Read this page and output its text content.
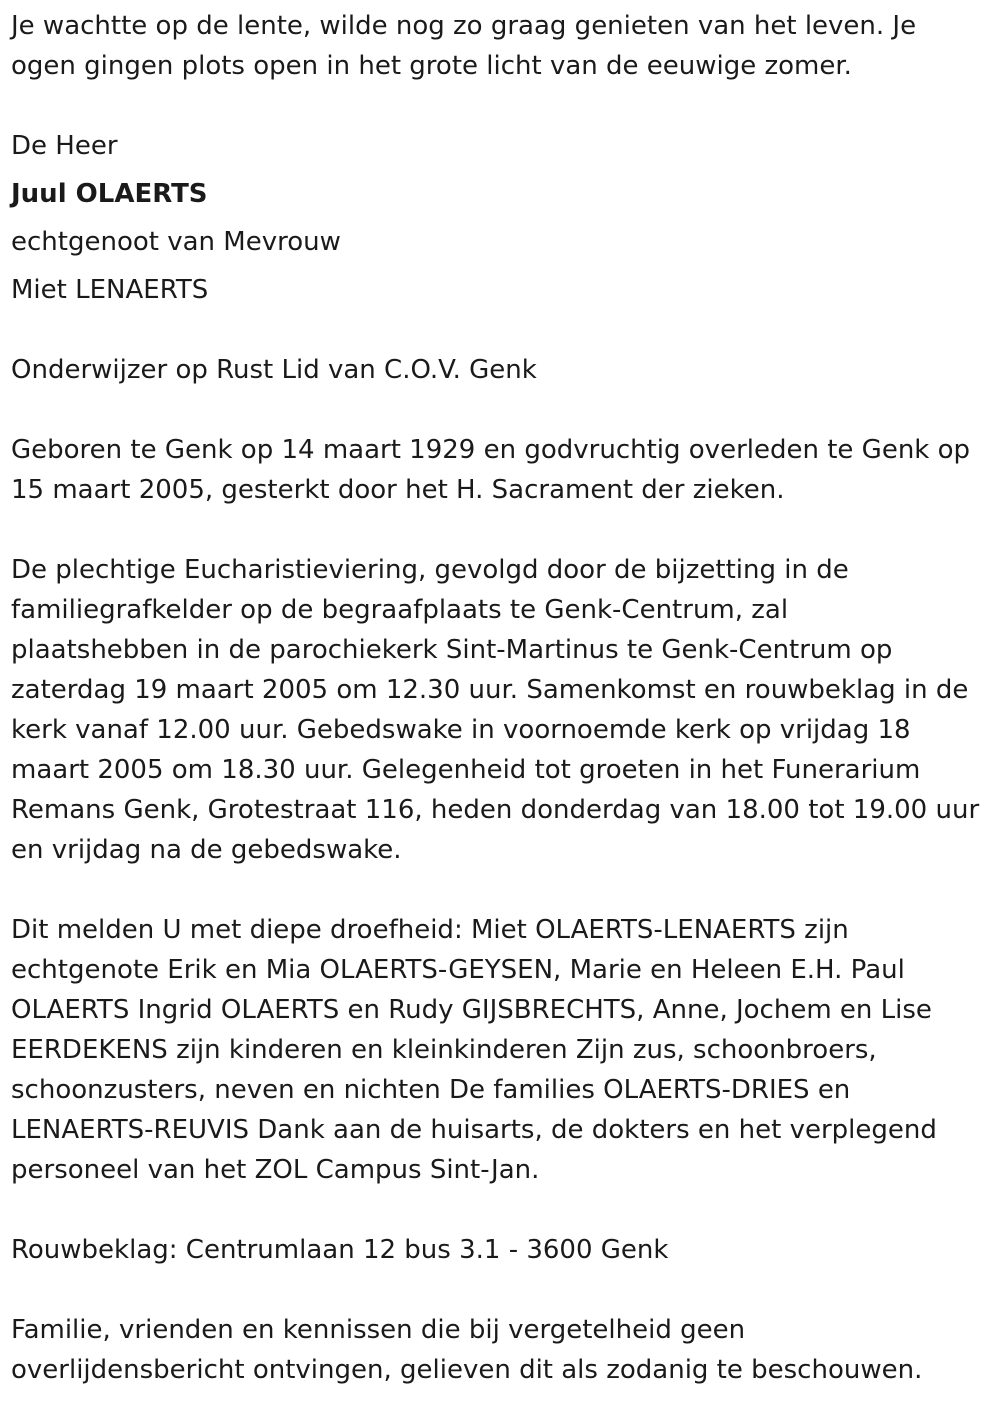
Je wachtte op de lente, wilde nog zo graag genieten van het leven. Je

ogen gingen plots open in het grote licht van de eeuwige zomer.

De Heer

Juul OLAERTS

echtgenoot van Mevrouw

Miet LENAERTS

Onderwijzer op Rust Lid van C.O.V. Genk

Geboren te Genk op 14 maart 1929 en godvruchtig overleden te Genk op

15 maart 2005, gesterkt door het H. Sacrament der zieken.

De plechtige Eucharistieviering, gevolgd door de bijzetting in de

familiegrafkelder op de begraafplaats te Genk-Centrum, zal

plaatshebben in de parochiekerk Sint-Martinus te Genk-Centrum op

zaterdag 19 maart 2005 om 12.30 uur. Samenkomst en rouwbeklag in de

kerk vanaf 12.00 uur. Gebedswake in voornoemde kerk op vrijdag 18

maart 2005 om 18.30 uur. Gelegenheid tot groeten in het Funerarium

Remans Genk, Grotestraat 116, heden donderdag van 18.00 tot 19.00 uur

en vrijdag na de gebedswake.

Dit melden U met diepe droefheid: Miet OLAERTS-LENAERTS zijn

echtgenote Erik en Mia OLAERTS-GEYSEN, Marie en Heleen E.H. Paul

OLAERTS Ingrid OLAERTS en Rudy GIJSBRECHTS, Anne, Jochem en Lise

EERDEKENS zijn kinderen en kleinkinderen Zijn zus, schoonbroers,

schoonzusters, neven en nichten De families OLAERTS-DRIES en

LENAERTS-REUVIS Dank aan de huisarts, de dokters en het verplegend

personeel van het ZOL Campus Sint-Jan.

Rouwbeklag: Centrumlaan 12 bus 3.1 - 3600 Genk

Familie, vrienden en kennissen die bij vergetelheid geen

overlijdensbericht ontvingen, gelieven dit als zodanig te beschouwen.
